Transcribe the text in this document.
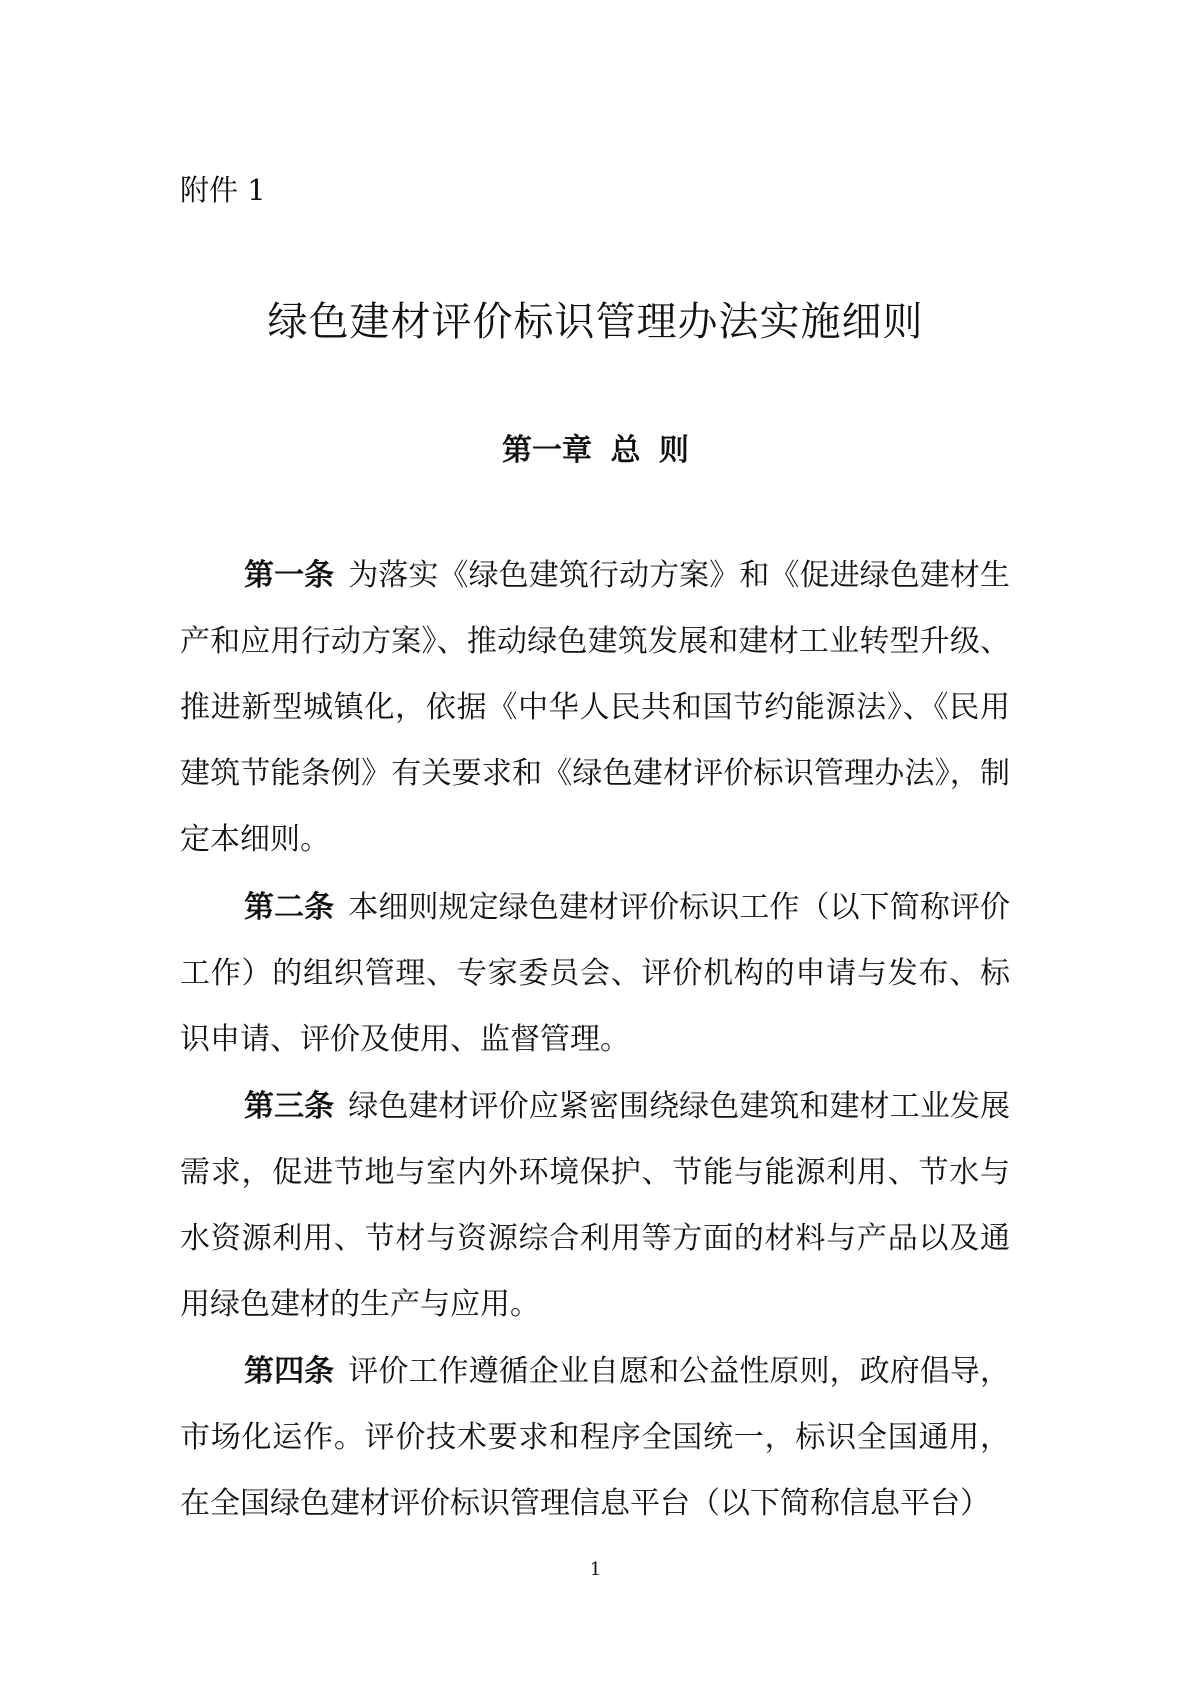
附件 1
绿色建材评价标识管理办法实施细则
第一章 总 则

第一条 为落实《绿色建筑行动方案》和《促进绿色建材生产和应用行动方案》、推动绿色建筑发展和建材工业转型升级、推进新型城镇化，依据《中华人民共和国节约能源法》、《民用建筑节能条例》有关要求和《绿色建材评价标识管理办法》，制定本细则。

第二条 本细则规定绿色建材评价标识工作（以下简称评价工作）的组织管理、专家委员会、评价机构的申请与发布、标识申请、评价及使用、监督管理。

第三条 绿色建材评价应紧密围绕绿色建筑和建材工业发展需求，促进节地与室内外环境保护、节能与能源利用、节水与水资源利用、节材与资源综合利用等方面的材料与产品以及通用绿色建材的生产与应用。

第四条 评价工作遵循企业自愿和公益性原则，政府倡导，市场化运作。评价技术要求和程序全国统一，标识全国通用，在全国绿色建材评价标识管理信息平台（以下简称信息平台）

1
